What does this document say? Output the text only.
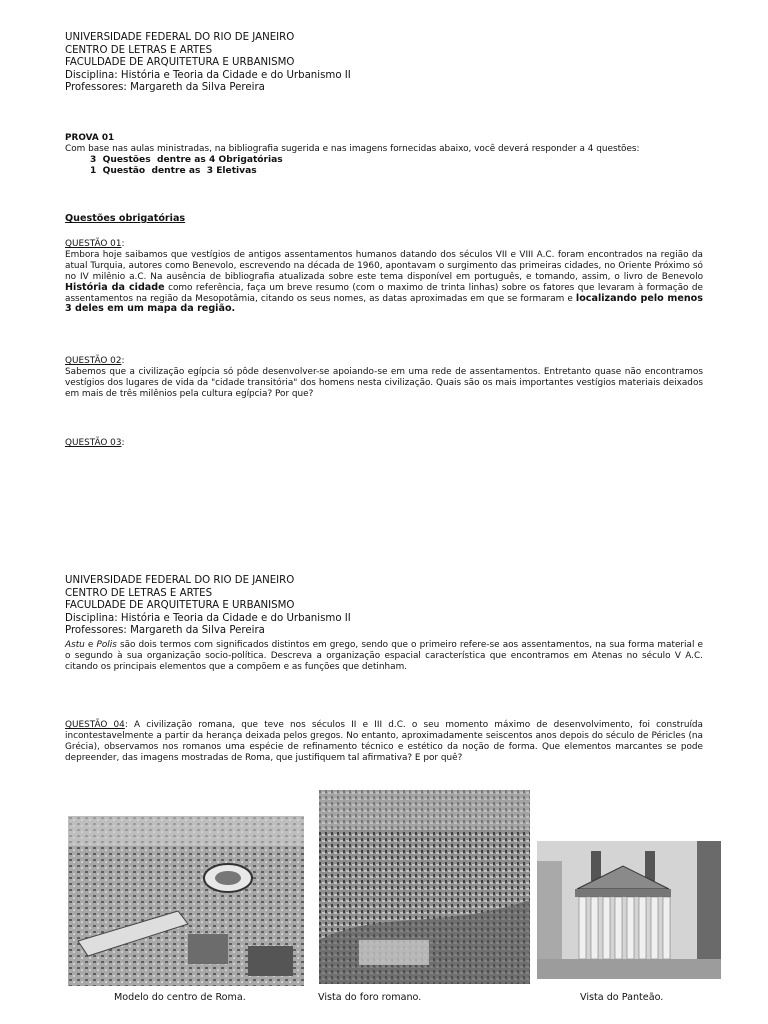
UNIVERSIDADE FEDERAL DO RIO DE JANEIRO
CENTRO DE LETRAS E ARTES
FACULDADE DE ARQUITETURA E URBANISMO
Disciplina: História e Teoria da Cidade e do Urbanismo II
Professores: Margareth da Silva Pereira
PROVA 01
Com base nas aulas ministradas, na bibliografia sugerida e nas imagens fornecidas abaixo, você deverá responder a 4 questões:
3  Questões  dentre as 4 Obrigatórias
1  Questão  dentre as  3 Eletivas
Questões obrigatórias
QUESTÃO 01:
Embora hoje saibamos que vestígios de antigos assentamentos humanos datando dos séculos VII e VIII A.C. foram encontrados na região da atual Turquia, autores como Benevolo, escrevendo na década de 1960, apontavam o surgimento das primeiras cidades, no Oriente Próximo só no IV milênio a.C. Na ausência de bibliografia atualizada sobre este tema disponível em português, e tomando, assim, o livro de Benevolo História da cidade como referência, faça um breve resumo (com o maximo de trinta linhas) sobre os fatores que levaram à formação de assentamentos na região da Mesopotâmia, citando os seus nomes, as datas aproximadas em que se formaram e localizando pelo menos 3 deles em um mapa da região.
QUESTÃO 02:
Sabemos que a civilização egípcia só pôde desenvolver-se apoiando-se em uma rede de assentamentos. Entretanto quase não encontramos vestígios dos lugares de vida da "cidade transitória" dos homens nesta civilização. Quais são os mais importantes vestígios materiais deixados em mais de três milênios pela cultura egípcia? Por que?
QUESTÃO 03:
UNIVERSIDADE FEDERAL DO RIO DE JANEIRO
CENTRO DE LETRAS E ARTES
FACULDADE DE ARQUITETURA E URBANISMO
Disciplina: História e Teoria da Cidade e do Urbanismo II
Professores: Margareth da Silva Pereira
Astu e Polis são dois termos com significados distintos em grego, sendo que o primeiro refere-se aos assentamentos, na sua forma material e o segundo à sua organização socio-política. Descreva a organização espacial característica que encontramos em Atenas no século V A.C. citando os principais elementos que a compõem e as funções que detinham.
QUESTÃO 04: A civilização romana, que teve nos séculos II e III d.C. o seu momento máximo de desenvolvimento, foi construída incontestavelmente a partir da herança deixada pelos gregos. No entanto, aproximadamente seiscentos anos depois do século de Péricles (na Grécia), observamos nos romanos uma espécie de refinamento técnico e estético da noção de forma. Que elementos marcantes se pode depreender, das imagens mostradas de Roma, que justifiquem tal afirmativa? E por quê?
Modelo do centro de Roma.	Vista do foro romano.	Vista do Panteão.
